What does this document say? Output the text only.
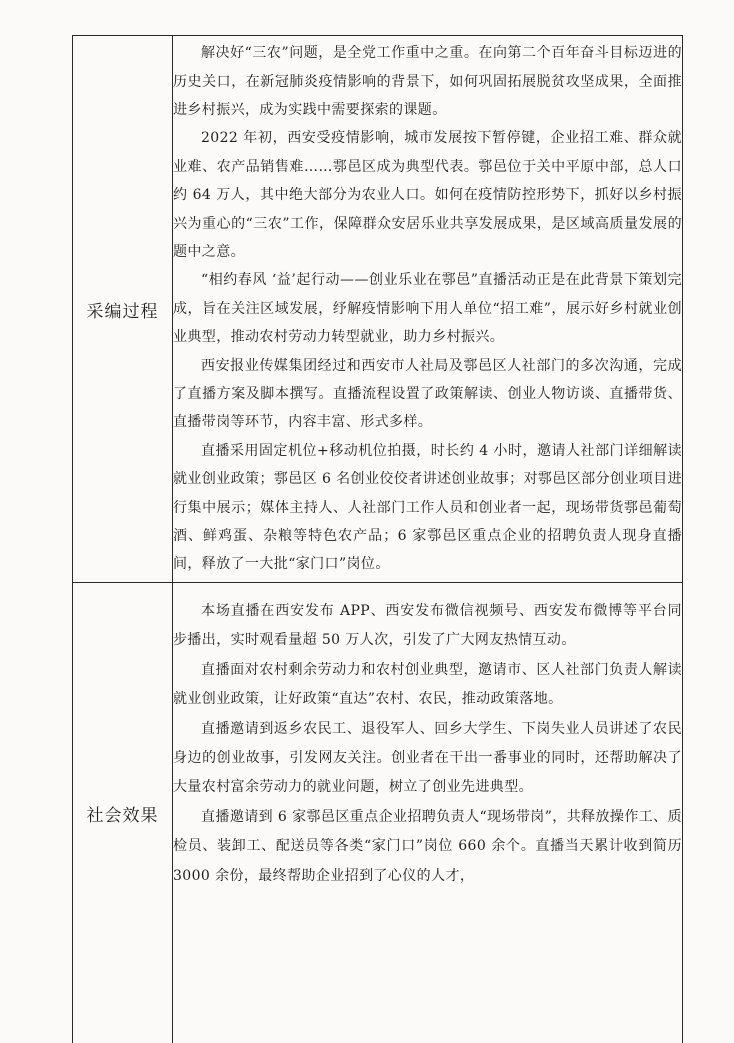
采编过程	解决好“三农”问题，是全党工作重中之重。在向第二个百年奋斗目标迈进的历史关口，在新冠肺炎疫情影响的背景下，如何巩固拓展脱贫攻坚成果，全面推进乡村振兴，成为实践中需要探索的课题。

2022 年初，西安受疫情影响，城市发展按下暂停键，企业招工难、群众就业难、农产品销售难……鄠邑区成为典型代表。鄠邑位于关中平原中部，总人口约 64 万人，其中绝大部分为农业人口。如何在疫情防控形势下，抓好以乡村振兴为重心的“三农”工作，保障群众安居乐业共享发展成果，是区域高质量发展的题中之意。

“相约春风 ‘益’起行动——创业乐业在鄠邑”直播活动正是在此背景下策划完成，旨在关注区域发展，纾解疫情影响下用人单位“招工难”，展示好乡村就业创业典型，推动农村劳动力转型就业，助力乡村振兴。

西安报业传媒集团经过和西安市人社局及鄠邑区人社部门的多次沟通，完成了直播方案及脚本撰写。直播流程设置了政策解读、创业人物访谈、直播带货、直播带岗等环节，内容丰富、形式多样。

直播采用固定机位+移动机位拍摄，时长约 4 小时，邀请人社部门详细解读就业创业政策；鄠邑区 6 名创业佼佼者讲述创业故事；对鄠邑区部分创业项目进行集中展示；媒体主持人、人社部门工作人员和创业者一起，现场带货鄠邑葡萄酒、鲜鸡蛋、杂粮等特色农产品；6 家鄠邑区重点企业的招聘负责人现身直播间，释放了一大批“家门口”岗位。

社会效果	本场直播在西安发布 APP、西安发布微信视频号、西安发布微博等平台同步播出，实时观看量超 50 万人次，引发了广大网友热情互动。

直播面对农村剩余劳动力和农村创业典型，邀请市、区人社部门负责人解读就业创业政策，让好政策“直达”农村、农民，推动政策落地。

直播邀请到返乡农民工、退役军人、回乡大学生、下岗失业人员讲述了农民身边的创业故事，引发网友关注。创业者在干出一番事业的同时，还帮助解决了大量农村富余劳动力的就业问题，树立了创业先进典型。

直播邀请到 6 家鄠邑区重点企业招聘负责人“现场带岗”，共释放操作工、质检员、装卸工、配送员等各类“家门口”岗位 660 余个。直播当天累计收到简历 3000 余份，最终帮助企业招到了心仪的人才，
